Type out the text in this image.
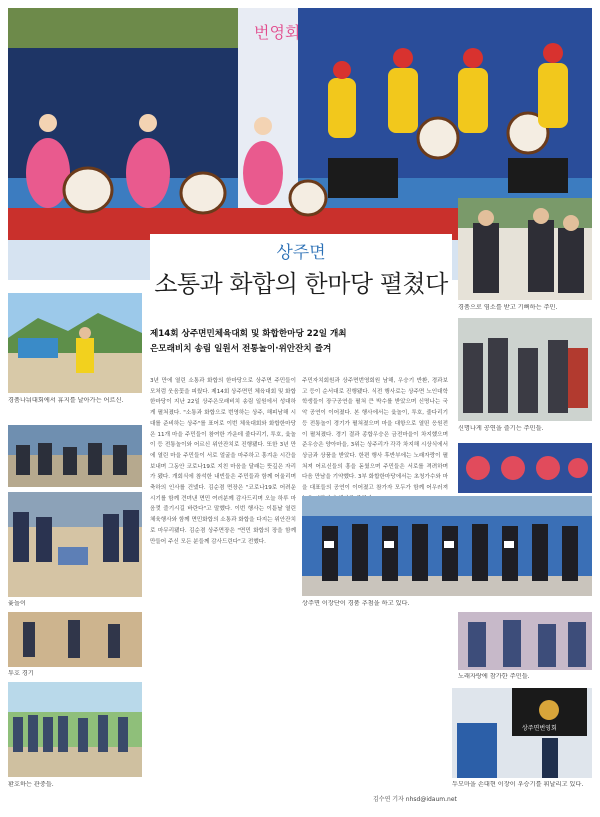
번영회
상주면
소통과 화합의 한마당 펼쳤다
제14회 상주면민체육대회 및 화합한마당 22일 개최
은모래비치 송림 일원서 전통놀이·위안잔치 즐겨
경품나눠대회에서 휴지를 날아가는 어르신.
윷놀이
투호 경기
환호하는 관중들.
3년 만에 열린 소통과 화합의 한마당으로 상주면 주민들이 모처럼 웃음꽃을 피웠다. 제14회 상주면민 체육대회 및 화합한마당이 지난 22일 상주은모래비치 송림 일원에서 성대하게 펼쳐졌다. "소통과 화합으로 번영하는 상주, 해피남해 시대를 준비하는 상주"를 표어로 이번 체육대회와 화합한마당은 11개 마을 주민들이 참여한 가운데 줄다리기, 투호, 윷놀이 등 전통놀이와 어르신 위안잔치로 진행됐다. 또한 3년 만에 열린 마을 주민들이 서로 얼굴을 마주하고 흥겨운 시간을 보내며 그동안 코로나19로 지친 마음을 달래는 뜻깊은 자리가 됐다. 개회식에 참석한 내빈들은 주민들과 함께 어울리며 축하의 인사를 건넸다. 김순겸 면장은 "코로나19로 어려운 시기를 함께 견뎌낸 면민 여러분께 감사드리며 오늘 하루 마음껏 즐기시길 바란다"고 말했다. 이번 행사는 이튿날 열린 체육행사와 함께 면민화합의 소통과 화합을 다지는 위안잔치로 마무리됐다. 김순겸 상주면장은 "면민 화합의 장을 함께 만들어 주신 모든 분들께 감사드린다"고 전했다.
주민자치회원과 상주면번영회원 남해, 우승기 반환, 경과보고 등이 순서대로 진행됐다. 식전 행사로는 상주면 노인대학 학생들이 장구공연을 펼쳐 큰 박수를 받았으며 신명나는 국악 공연이 이어졌다. 본 행사에서는 윷놀이, 투호, 줄다리기 등 전통놀이 경기가 펼쳐졌으며 마을 대항으로 열띤 응원전이 펼쳐졌다. 경기 결과 종합우승은 금전마을이 차지했으며 준우승은 양아마을, 3위는 상주리가 각각 차지해 시상식에서 상금과 상품을 받았다. 한편 행사 후반부에는 노래자랑이 펼쳐져 어르신들의 흥을 돋웠으며 주민들은 서로를 격려하며 다음 만남을 기약했다. 3부 화합한마당에서는 초청가수와 마을 대표들의 공연이 이어졌고 참가자 모두가 함께 어우러져
경품으로 염소를 받고 기뻐하는 주민.
신명나게 공연을 즐기는 주민들.
상주면 이장단이 경품 추첨을 하고 있다.
노래자랑에 참가한 주민들.
상주면번영회
두모마을 손대현 이장이 우승기를 휘날리고 있다.
김수연 기자 nhsd@idaum.net
